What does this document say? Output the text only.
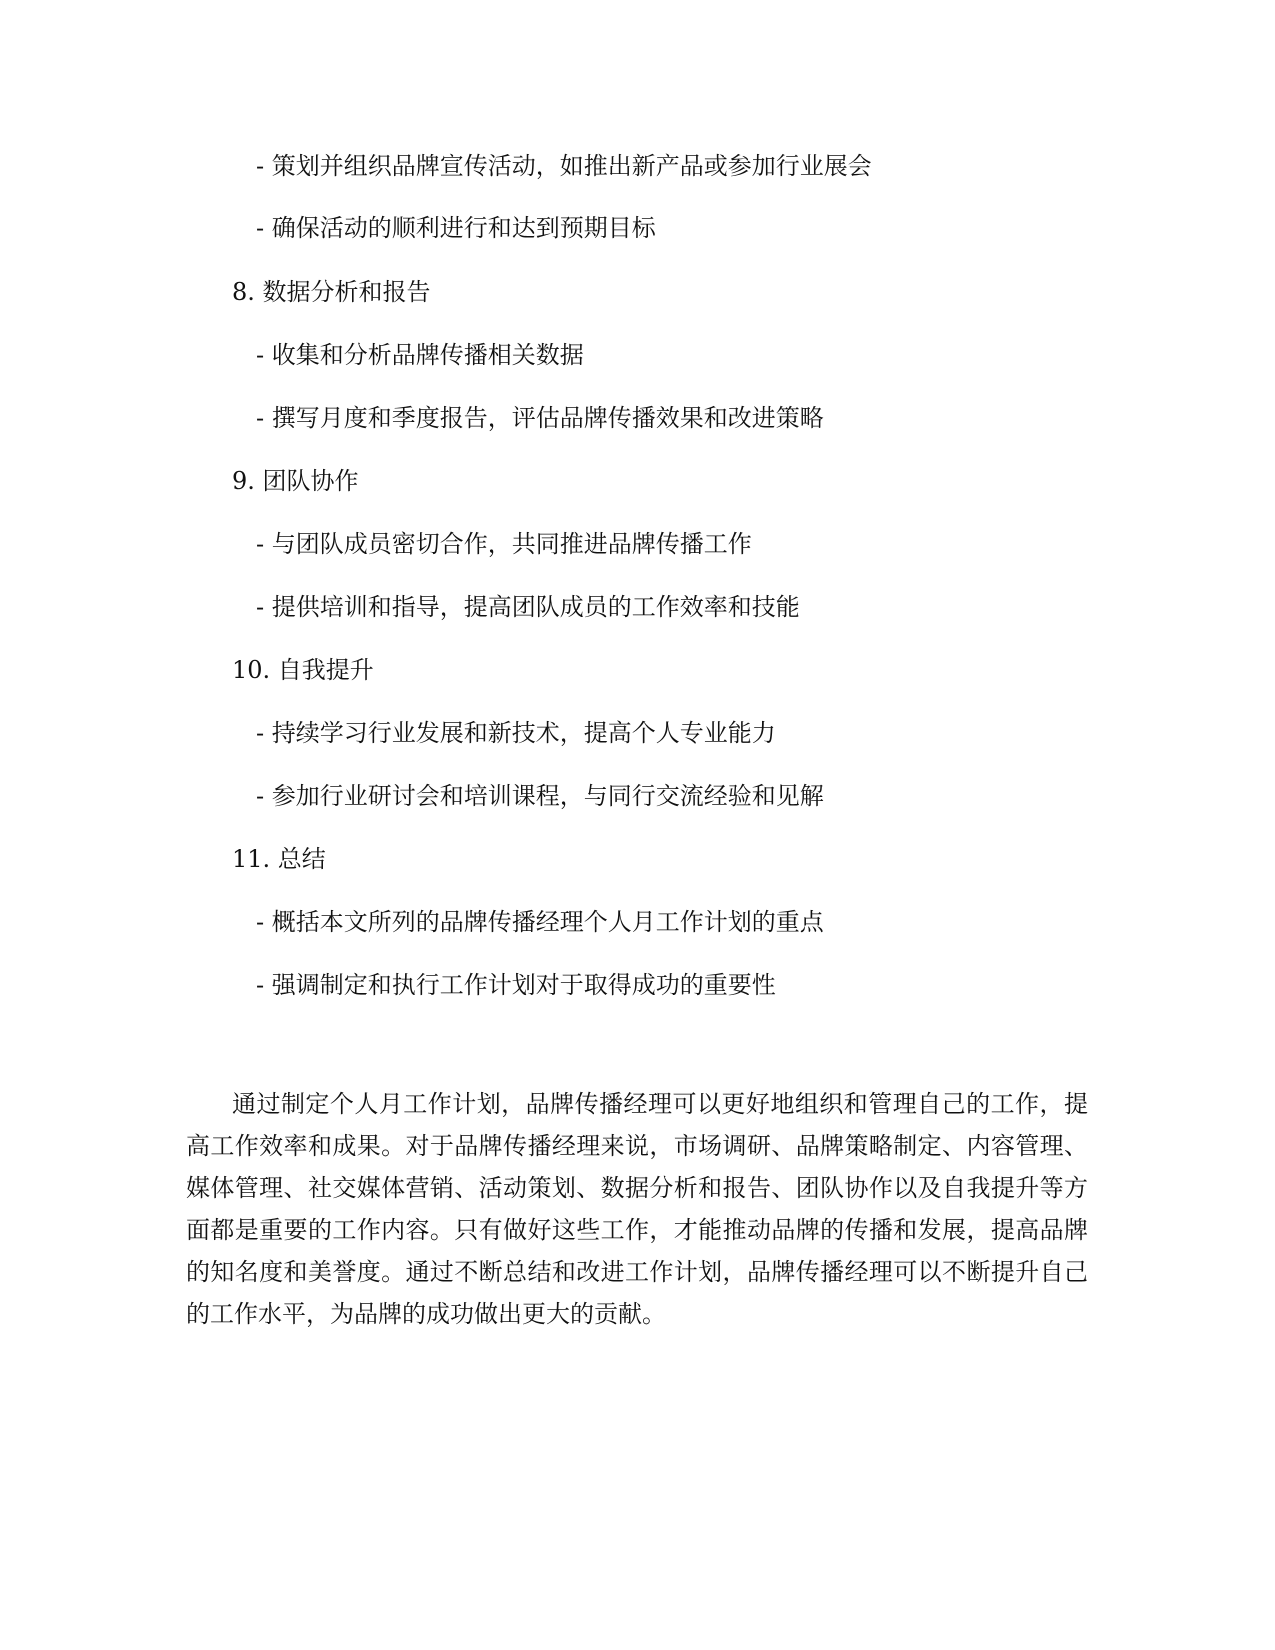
- 策划并组织品牌宣传活动，如推出新产品或参加行业展会
- 确保活动的顺利进行和达到预期目标
8. 数据分析和报告
- 收集和分析品牌传播相关数据
- 撰写月度和季度报告，评估品牌传播效果和改进策略
9. 团队协作
- 与团队成员密切合作，共同推进品牌传播工作
- 提供培训和指导，提高团队成员的工作效率和技能
10. 自我提升
- 持续学习行业发展和新技术，提高个人专业能力
- 参加行业研讨会和培训课程，与同行交流经验和见解
11. 总结
- 概括本文所列的品牌传播经理个人月工作计划的重点
- 强调制定和执行工作计划对于取得成功的重要性

通过制定个人月工作计划，品牌传播经理可以更好地组织和管理自己的工作，提高工作效率和成果。对于品牌传播经理来说，市场调研、品牌策略制定、内容管理、媒体管理、社交媒体营销、活动策划、数据分析和报告、团队协作以及自我提升等方面都是重要的工作内容。只有做好这些工作，才能推动品牌的传播和发展，提高品牌的知名度和美誉度。通过不断总结和改进工作计划，品牌传播经理可以不断提升自己的工作水平，为品牌的成功做出更大的贡献。
